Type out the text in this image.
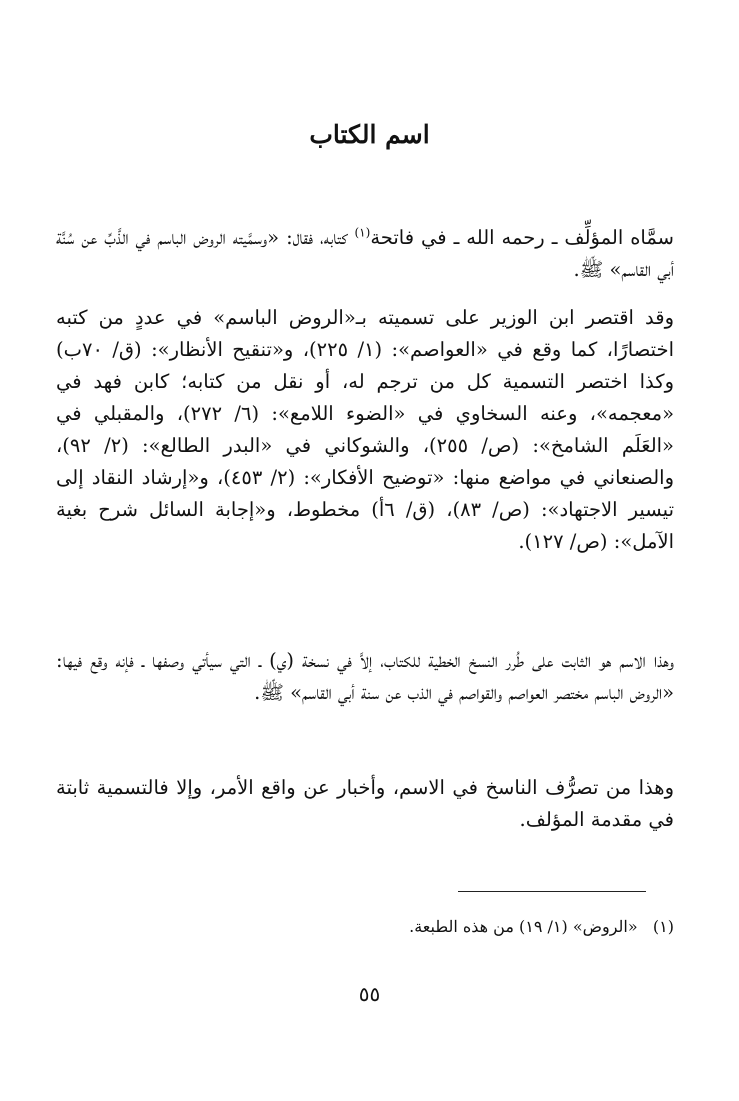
اسم الكتاب
سمَّاه المؤلِّف ـ رحمه الله ـ في فاتحة$^{(١)}$ كتابه، فقال: «وسمَّيته الروض الباسم في الذَّبِّ عن سُنَّة أبي القاسم» ﷺ.
وقد اقتصر ابن الوزير على تسميته بـ«الروض الباسم» في عددٍ من كتبه اختصارًا، كما وقع في «العواصم»: (١/ ٢٢٥)، و«تنقيح الأنظار»: (ق/ ٧٠ب) وكذا اختصر التسمية كل من ترجم له، أو نقل من كتابه؛ كابن فهد في «معجمه»، وعنه السخاوي في «الضوء اللامع»: (٦/ ٢٧٢)، والمقبلي في «العَلَم الشامخ»: (ص/ ٢٥٥)، والشوكاني في «البدر الطالع»: (٢/ ٩٢)، والصنعاني في مواضع منها: «توضيح الأفكار»: (٢/ ٤٥٣)، و«إرشاد النقاد إلى تيسير الاجتهاد»: (ص/ ٨٣)، (ق/ ٦أ) مخطوط، و«إجابة السائل شرح بغية الآمل»: (ص/ ١٢٧).
وهذا الاسم هو الثابت على طُرر النسخ الخطية للكتاب، إلاَّ في نسخة (ي) ـ التي سيأتي وصفها ـ فإنه وقع فيها: «الروض الباسم مختصر العواصم والقواصم في الذب عن سنة أبي القاسم» ﷺ.
وهذا من تصرُّف الناسخ في الاسم، وأخبار عن واقع الأمر، وإلا فالتسمية ثابتة في مقدمة المؤلف.
(١)   «الروض» (١/ ١٩) من هذه الطبعة.
٥٥
